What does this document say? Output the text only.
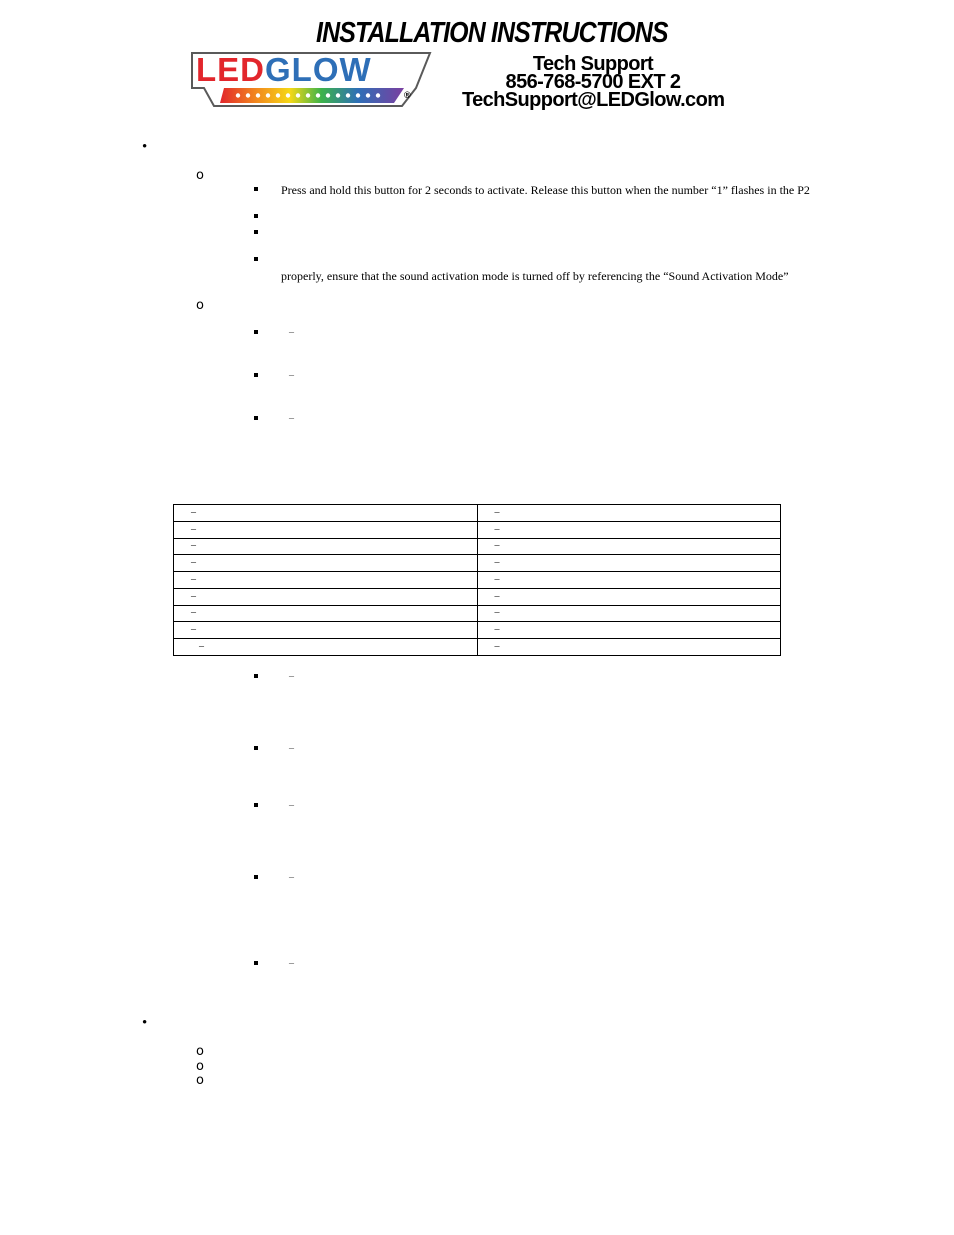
INSTALLATION INSTRUCTIONS
LEDGLOW
®
Tech Support
856-768-5700 EXT 2
TechSupport@LEDGlow.com
•
o
Press and hold this button for 2 seconds to activate. Release this button when the number “1” flashes in the P2
properly, ensure that the sound activation mode is turned off by referencing the “Sound Activation Mode”
o
–
–
–
–	–
–	–
–	–
–	–
–	–
–	–
–	–
–	–
–	–
–
–
–
–
–
•
o
o
o
